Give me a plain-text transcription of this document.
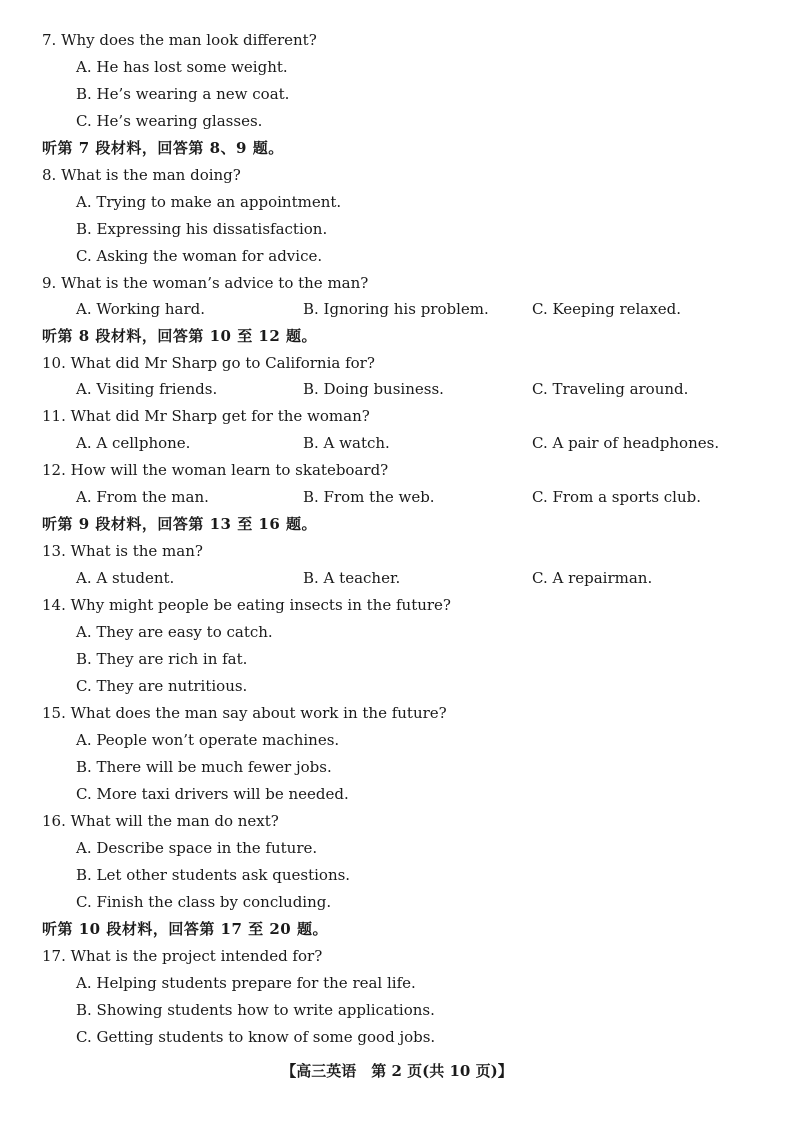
7. Why does the man look different?
A. He has lost some weight.
B. He’s wearing a new coat.
C. He’s wearing glasses.
听第 7 段材料，回答第 8、9 题。
8. What is the man doing?
A. Trying to make an appointment.
B. Expressing his dissatisfaction.
C. Asking the woman for advice.
9. What is the woman’s advice to the man?
A. Working hard.	B. Ignoring his problem.	C. Keeping relaxed.
听第 8 段材料，回答第 10 至 12 题。
10. What did Mr Sharp go to California for?
A. Visiting friends.	B. Doing business.	C. Traveling around.
11. What did Mr Sharp get for the woman?
A. A cellphone.	B. A watch.	C. A pair of headphones.
12. How will the woman learn to skateboard?
A. From the man.	B. From the web.	C. From a sports club.
听第 9 段材料，回答第 13 至 16 题。
13. What is the man?
A. A student.	B. A teacher.	C. A repairman.
14. Why might people be eating insects in the future?
A. They are easy to catch.
B. They are rich in fat.
C. They are nutritious.
15. What does the man say about work in the future?
A. People won’t operate machines.
B. There will be much fewer jobs.
C. More taxi drivers will be needed.
16. What will the man do next?
A. Describe space in the future.
B. Let other students ask questions.
C. Finish the class by concluding.
听第 10 段材料，回答第 17 至 20 题。
17. What is the project intended for?
A. Helping students prepare for the real life.
B. Showing students how to write applications.
C. Getting students to know of some good jobs.
【高三英语　第 2 页(共 10 页)】
